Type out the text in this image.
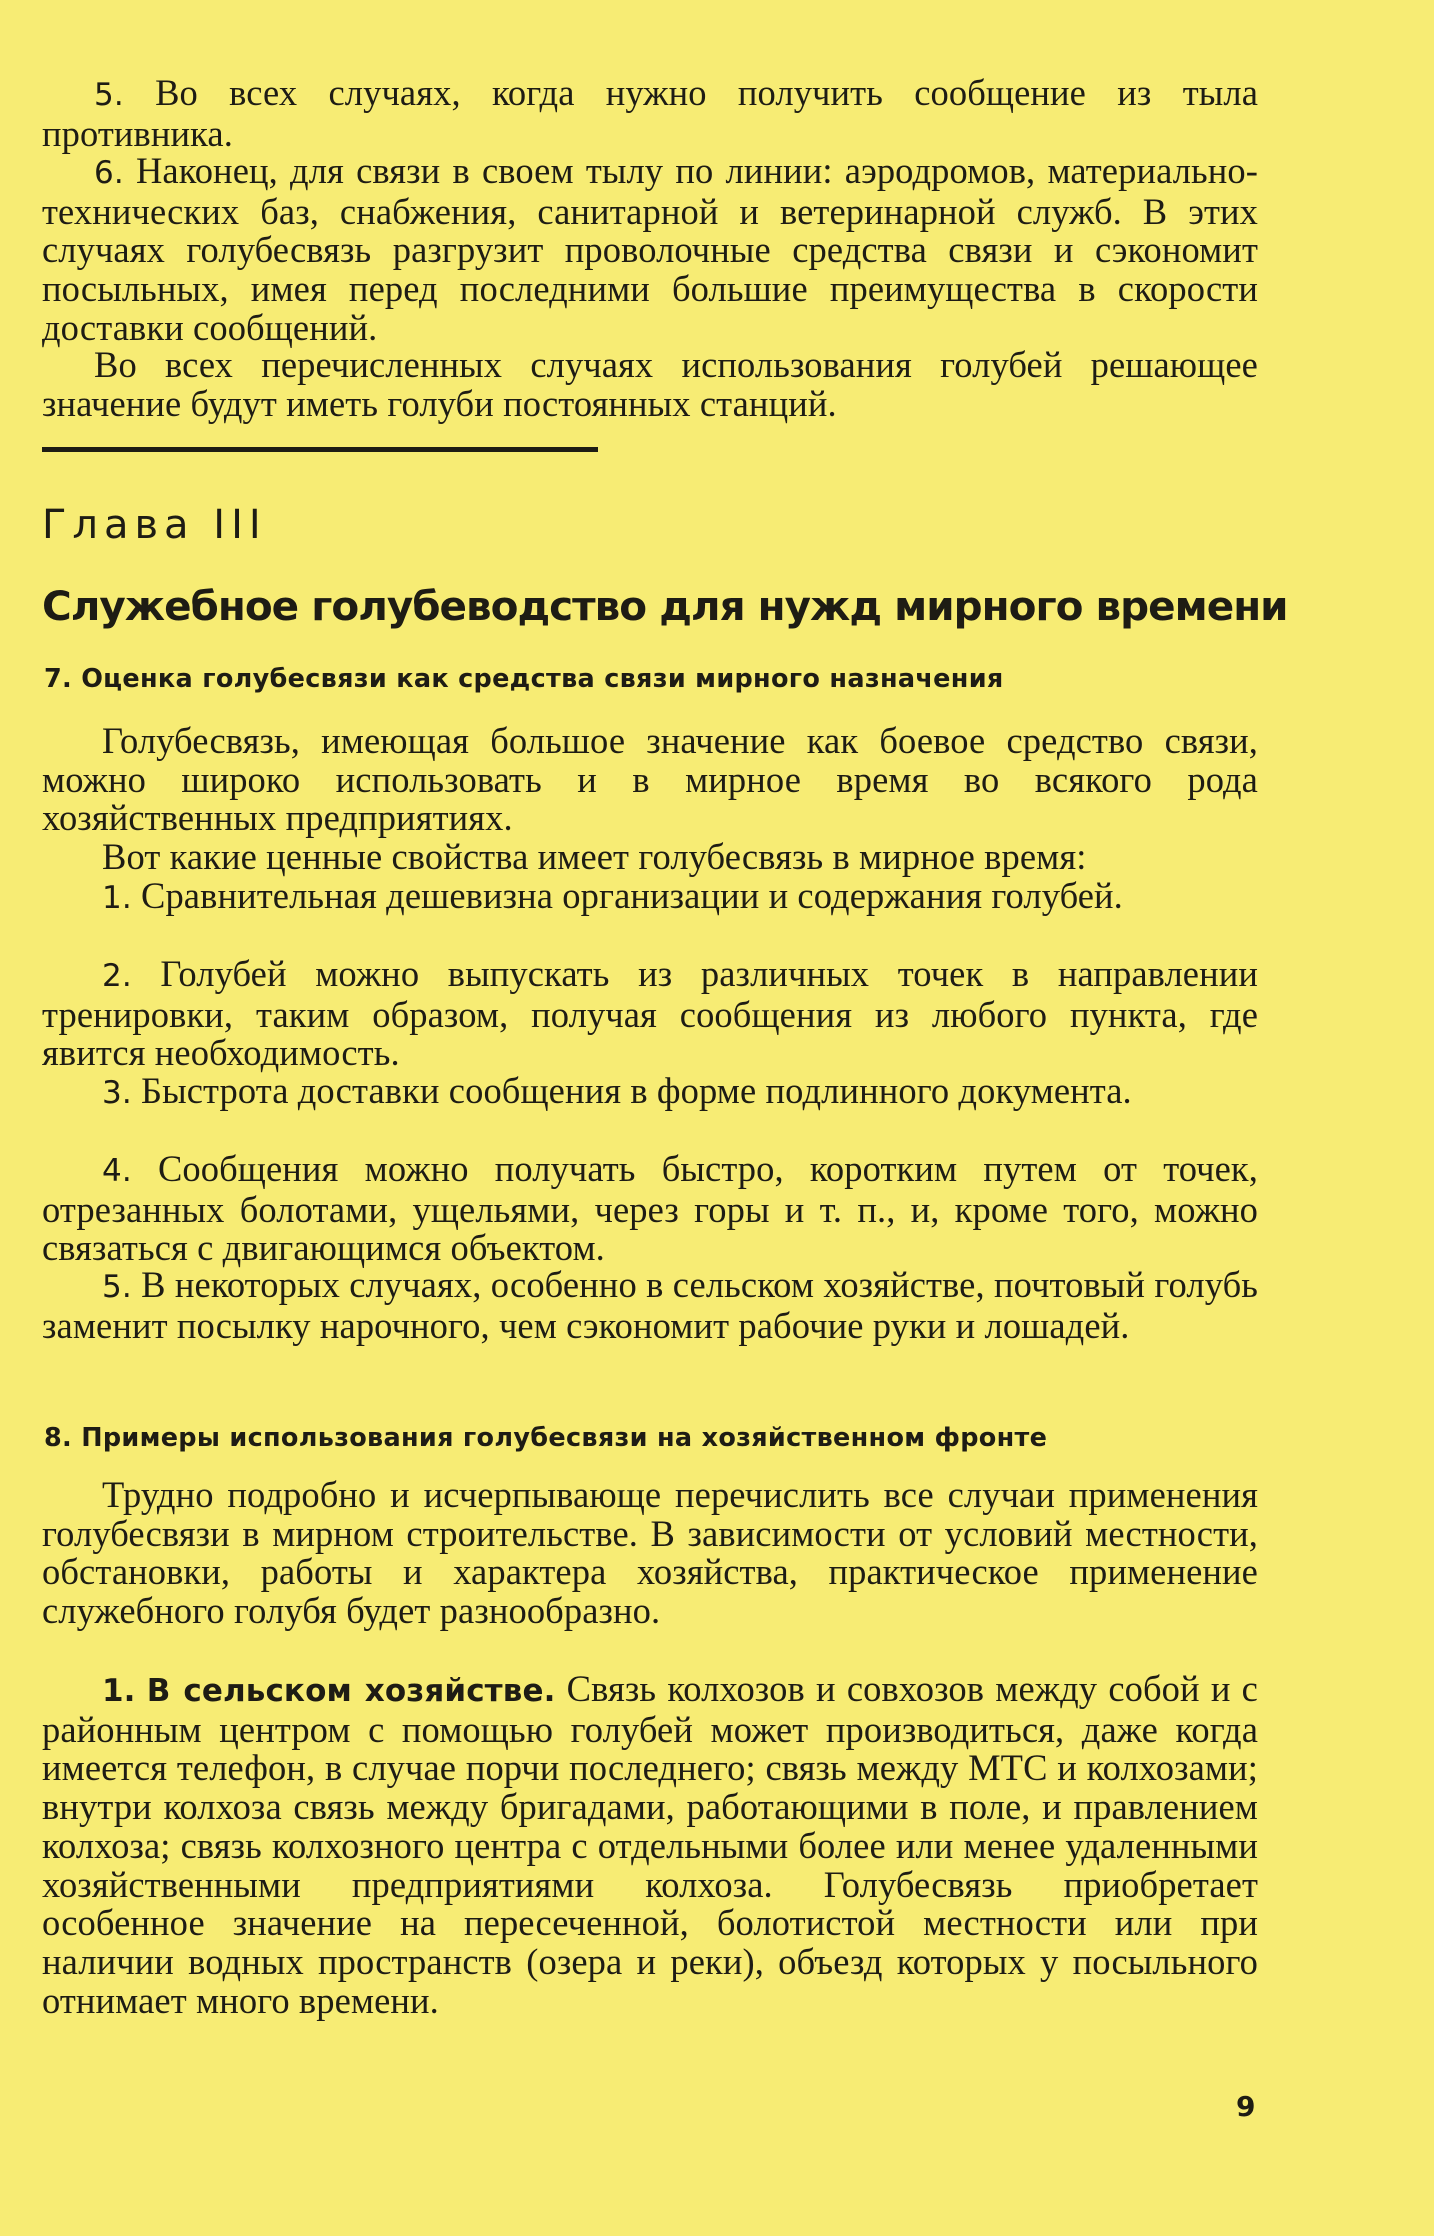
5. Во всех случаях, когда нужно получить сообщение из тыла противника.

6. Наконец, для связи в своем тылу по линии: аэродромов, материально-технических баз, снабжения, санитарной и ветеринарной служб. В этих случаях голубесвязь разгрузит проволочные средства связи и сэкономит посыльных, имея перед последними большие преимущества в скорости доставки сообщений.

Во всех перечисленных случаях использования голубей решающее значение будут иметь голуби постоянных станций.

Глава III
Служебное голубеводство для нужд мирного времени
7. Оценка голубесвязи как средства связи мирного назначения

Голубесвязь, имеющая большое значение как боевое средство связи, можно широко использовать и в мирное время во всякого рода хозяйственных предприятиях.

Вот какие ценные свойства имеет голубесвязь в мирное время:

1. Сравнительная дешевизна организации и содержания голубей.

2. Голубей можно выпускать из различных точек в направлении тренировки, таким образом, получая сообщения из любого пункта, где явится необходимость.

3. Быстрота доставки сообщения в форме подлинного документа.

4. Сообщения можно получать быстро, коротким путем от точек, отрезанных болотами, ущельями, через горы и т. п., и, кроме того, можно связаться с двигающимся объектом.

5. В некоторых случаях, особенно в сельском хозяйстве, почтовый голубь заменит посылку нарочного, чем сэкономит рабочие руки и лошадей.

8. Примеры использования голубесвязи на хозяйственном фронте

Трудно подробно и исчерпывающе перечислить все случаи применения голубесвязи в мирном строительстве. В зависимости от условий местности, обстановки, работы и характера хозяйства, практическое применение служебного голубя будет разнообразно.

1. В сельском хозяйстве. Связь колхозов и совхозов между собой и с районным центром с помощью голубей может производиться, даже когда имеется телефон, в случае порчи последнего; связь между МТС и колхозами; внутри колхоза связь между бригадами, работающими в поле, и правлением колхоза; связь колхозного центра с отдельными более или менее удаленными хозяйственными предприятиями колхоза. Голубесвязь приобретает особенное значение на пересеченной, болотистой местности или при наличии водных пространств (озера и реки), объезд которых у посыльного отнимает много времени.

9
